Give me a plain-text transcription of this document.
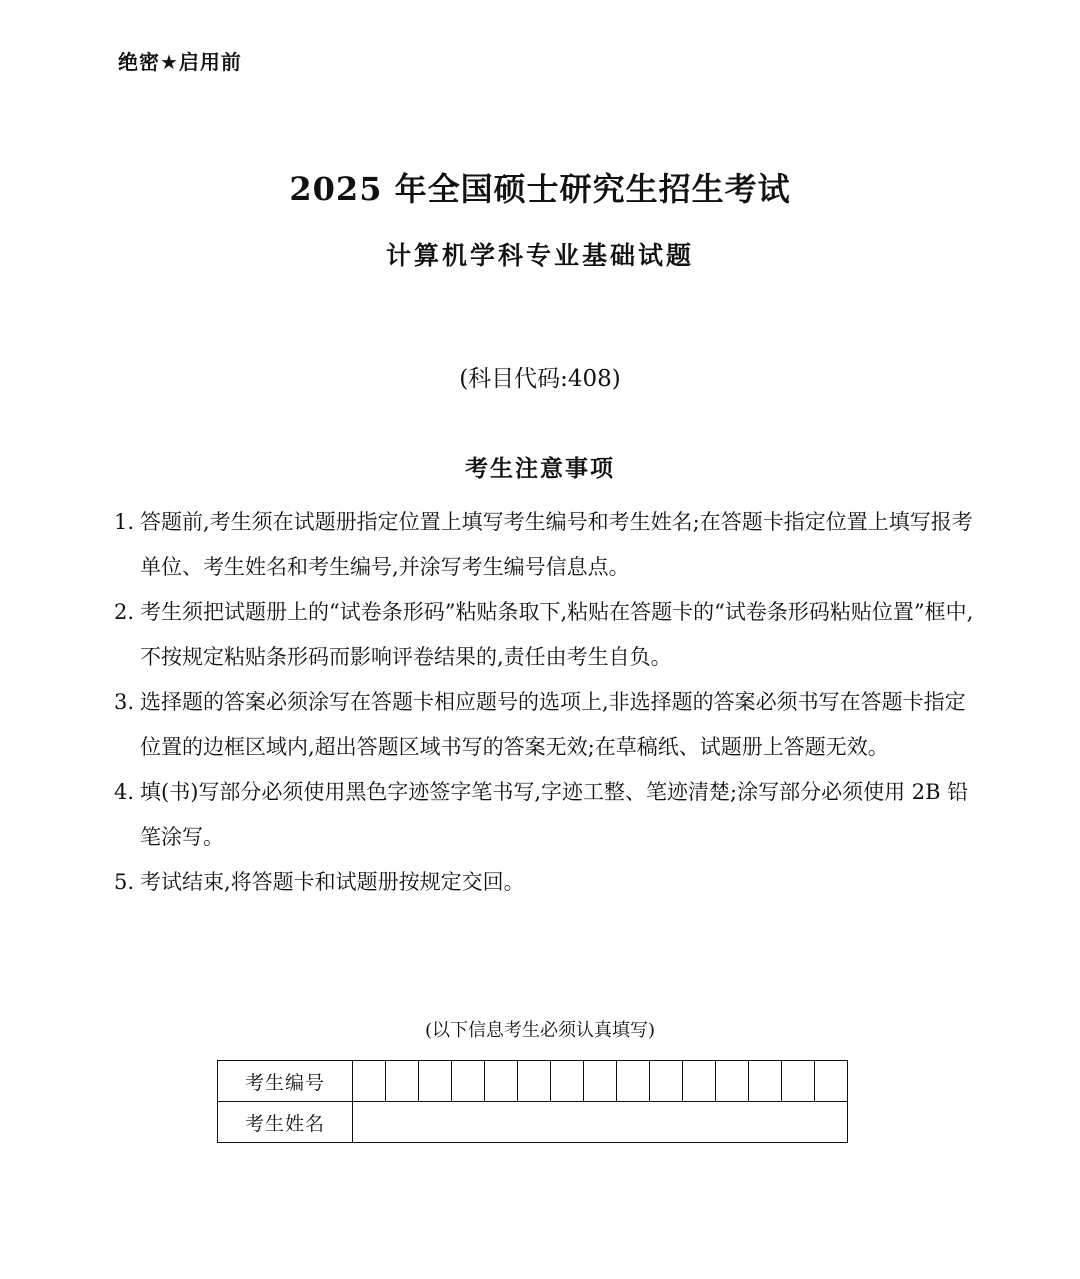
绝密★启用前
2025 年全国硕士研究生招生考试
计算机学科专业基础试题
(科目代码:408)
考生注意事项
1. 答题前,考生须在试题册指定位置上填写考生编号和考生姓名;在答题卡指定位置上填写报考单位、考生姓名和考生编号,并涂写考生编号信息点。
2. 考生须把试题册上的“试卷条形码”粘贴条取下,粘贴在答题卡的“试卷条形码粘贴位置”框中,不按规定粘贴条形码而影响评卷结果的,责任由考生自负。
3. 选择题的答案必须涂写在答题卡相应题号的选项上,非选择题的答案必须书写在答题卡指定位置的边框区域内,超出答题区域书写的答案无效;在草稿纸、试题册上答题无效。
4. 填(书)写部分必须使用黑色字迹签字笔书写,字迹工整、笔迹清楚;涂写部分必须使用 2B 铅笔涂写。
5. 考试结束,将答题卡和试题册按规定交回。
(以下信息考生必须认真填写)
考生编号															
考生姓名															
